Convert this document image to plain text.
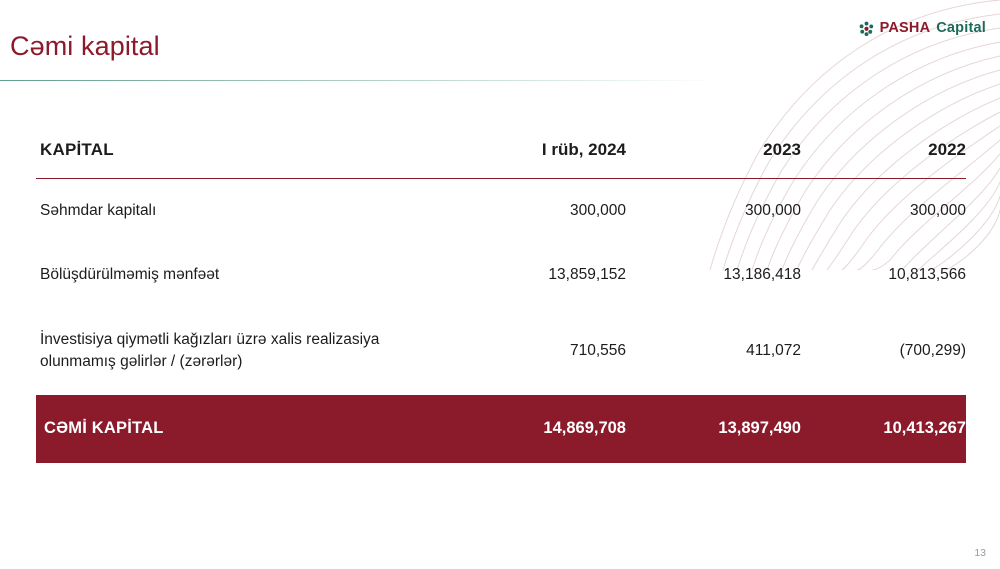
PASHA Capital
Cəmi kapital
KAPİTAL	I rüb, 2024	2023	2022
Səhmdar kapitalı	300,000	300,000	300,000
Bölüşdürülməmiş mənfəət	13,859,152	13,186,418	10,813,566
İnvestisiya qiymətli kağızları üzrə xalis realizasiya olunmamış gəlirlər / (zərərlər)	710,556	411,072	(700,299)
CƏMİ KAPİTAL	14,869,708	13,897,490	10,413,267
13
